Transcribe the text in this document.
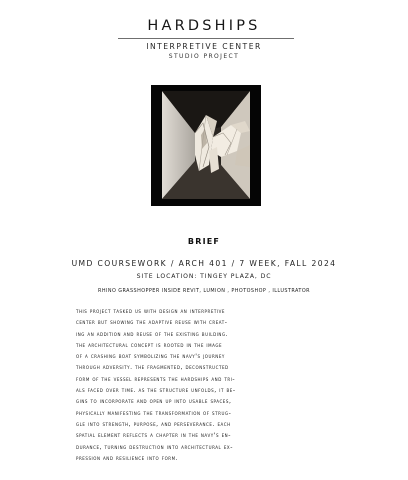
HARDSHIPS
INTERPRETIVE CENTER
STUDIO PROJECT
BRIEF
UMD COURSEWORK / ARCH 401 / 7 WEEK, FALL 2024
SITE LOCATION: TINGEY PLAZA, DC
RHINO GRASSHOPPER INSIDE REVIT, LUMION , PHOTOSHOP , ILLUSTRATOR
this project tasked us with design an interpretive
center but showing the adaptive reuse with creat-
ing an addition and reuse of the existing building.
the architectural concept is rooted in the image
of a crashing boat symbolizing the navy's journey
through adversity. the fragmented, deconstructed
form of the vessel represents the hardships and tri-
als faced over time. as the structure unfolds, it be-
gins to incorporate and open up into usable spaces,
physically manifesting the transformation of strug-
gle into strength, purpose, and perseverance. each
spatial element reflects a chapter in the navy's en-
durance, turning destruction into architectural ex-
pression and resilience into form.
